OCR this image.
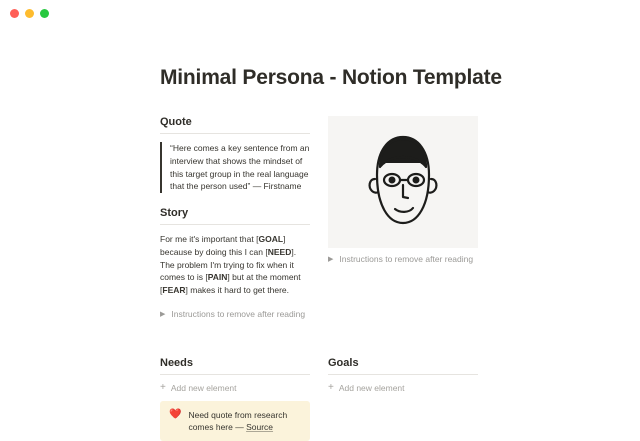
Minimal Persona - Notion Template
Quote
“Here comes a key sentence from an interview that shows the mindset of this target group in the real language that the person used” — Firstname
Story
For me it's important that [GOAL] because by doing this I can [NEED]. The problem I'm trying to fix when it comes to is [PAIN] but at the moment [FEAR] makes it hard to get there.
▶ Instructions to remove after reading
▶ Instructions to remove after reading
Needs
+ Add new element
❤️ Need quote from research comes here — Source
Goals
+ Add new element
